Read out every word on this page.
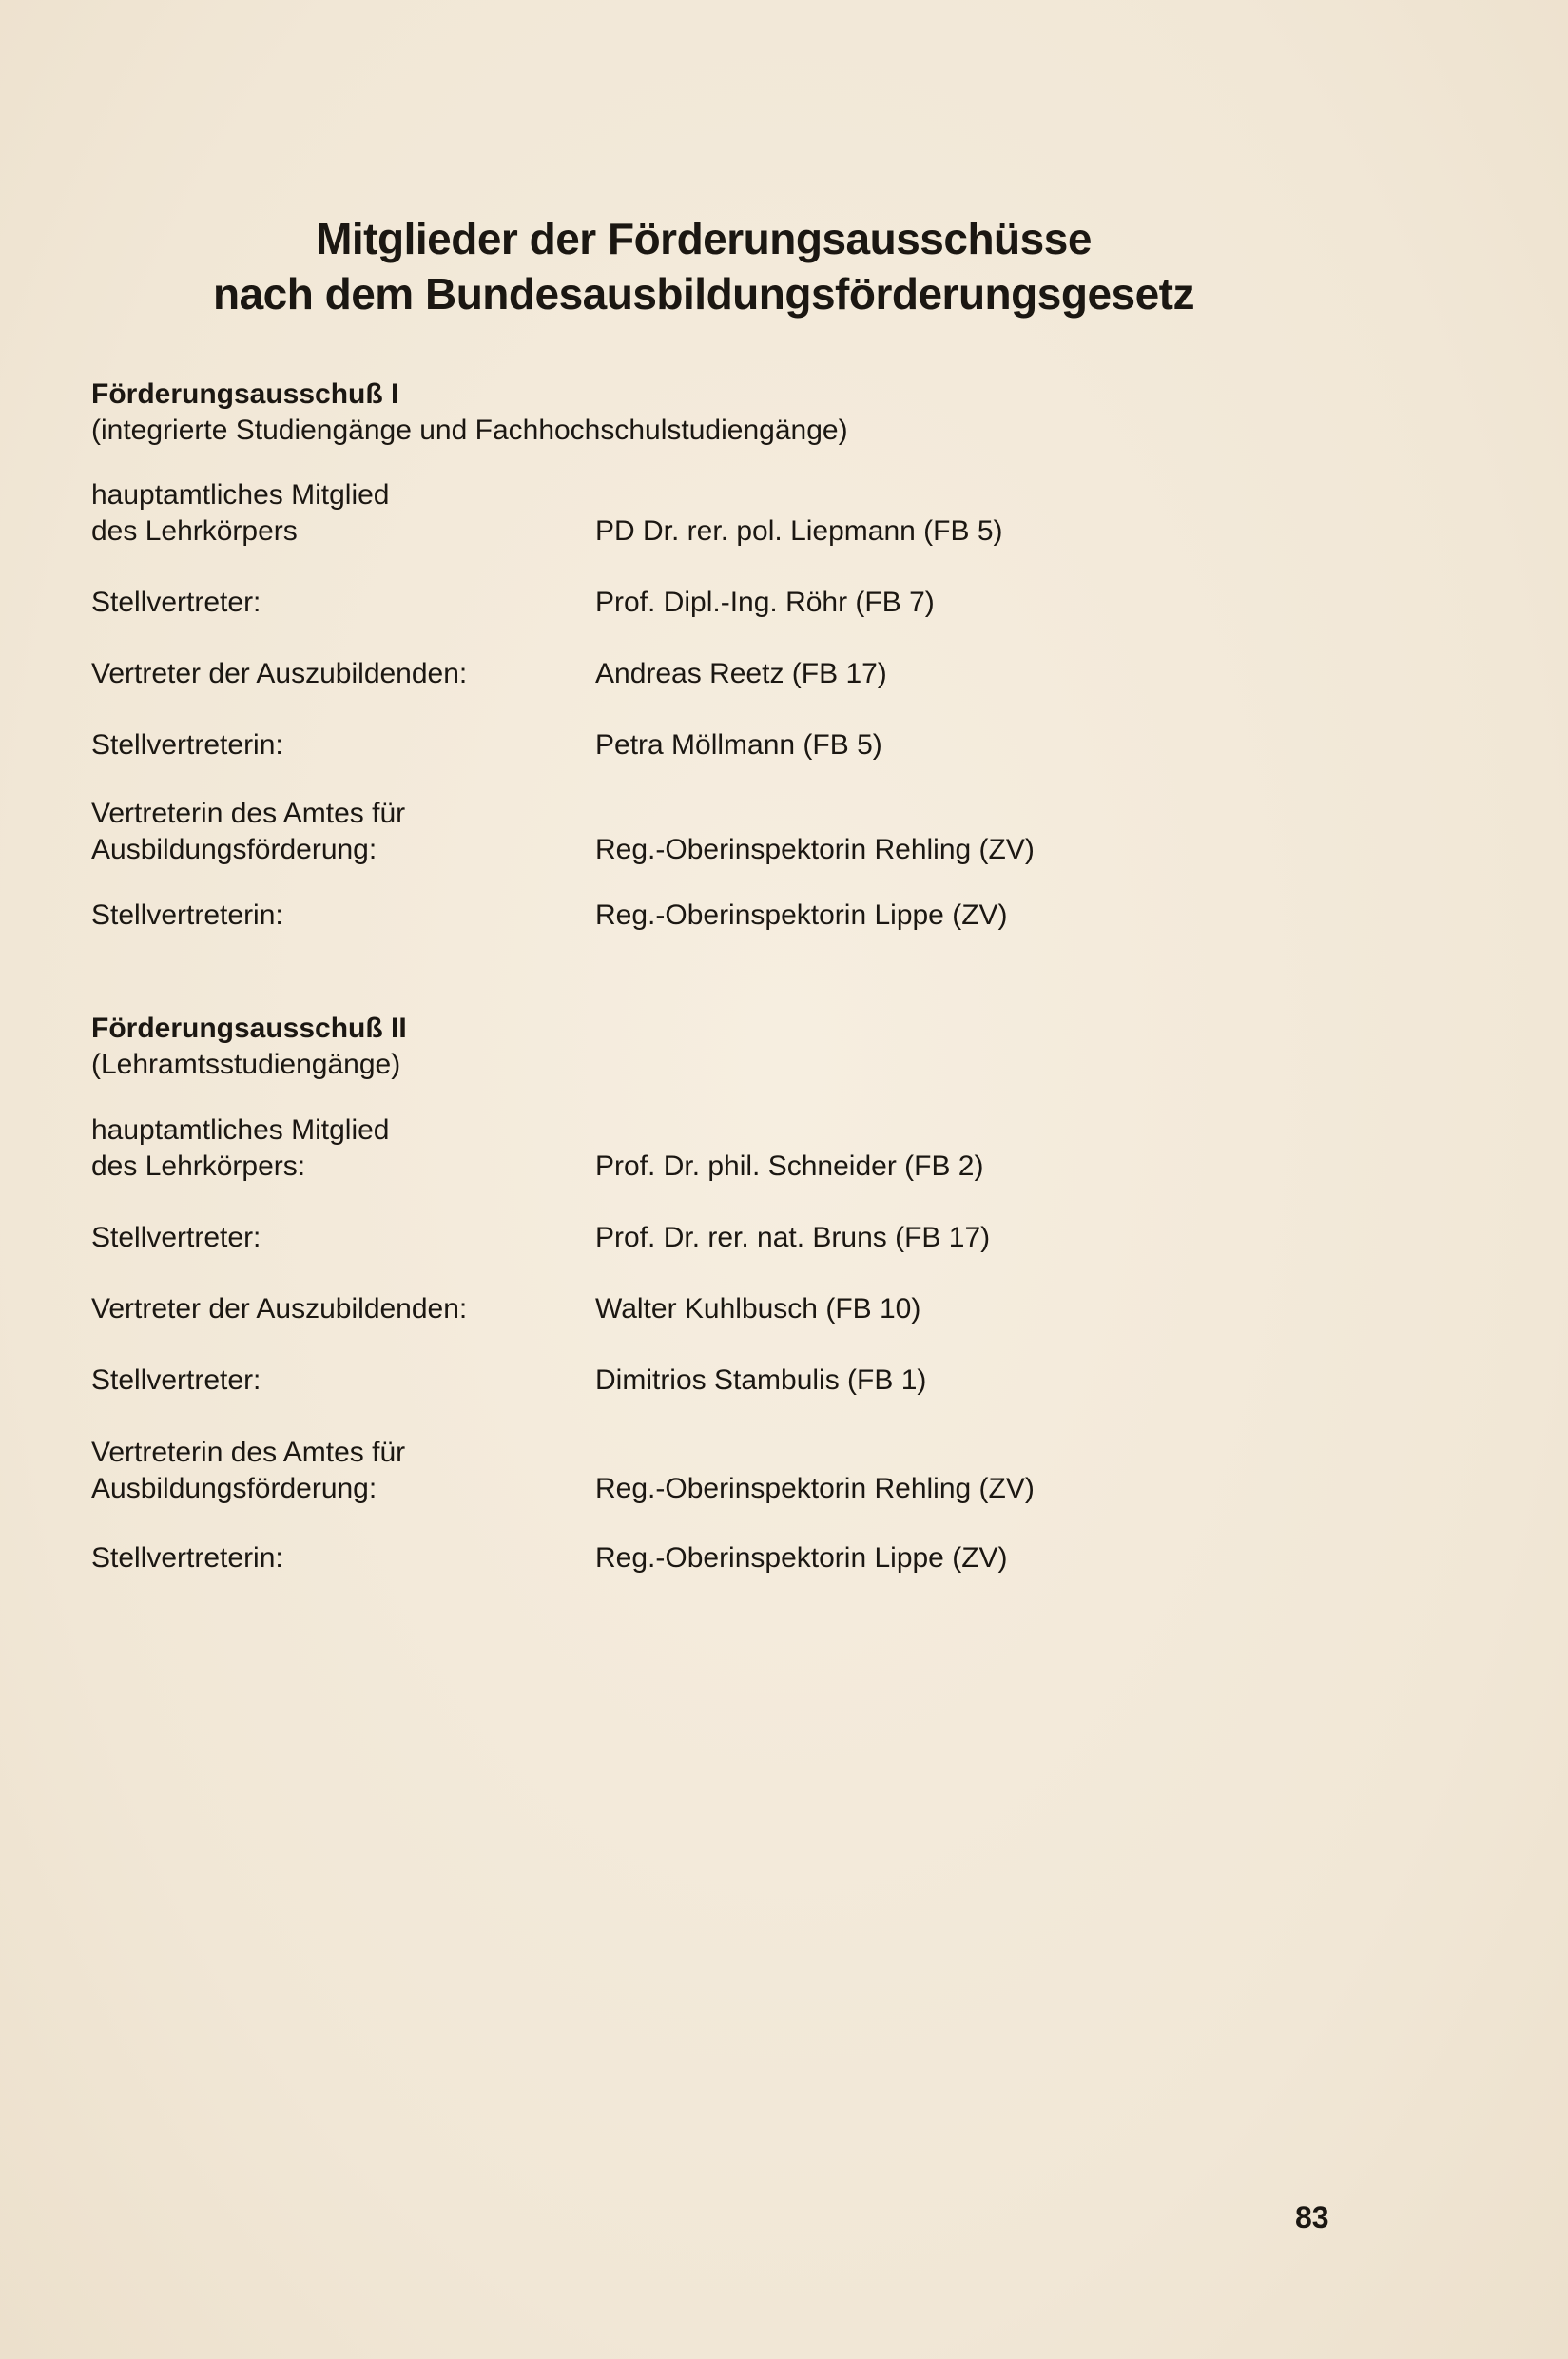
Mitglieder der Förderungsausschüsse
nach dem Bundesausbildungsförderungsgesetz
Förderungsausschuß I
(integrierte Studiengänge und Fachhochschulstudiengänge)
hauptamtliches Mitglied
des Lehrkörpers	PD Dr. rer. pol. Liepmann (FB 5)
Stellvertreter:	Prof. Dipl.-Ing. Röhr (FB 7)
Vertreter der Auszubildenden:	Andreas Reetz (FB 17)
Stellvertreterin:	Petra Möllmann (FB 5)
Vertreterin des Amtes für
Ausbildungsförderung:	Reg.-Oberinspektorin Rehling (ZV)
Stellvertreterin:	Reg.-Oberinspektorin Lippe (ZV)
Förderungsausschuß II
(Lehramtsstudiengänge)
hauptamtliches Mitglied
des Lehrkörpers:	Prof. Dr. phil. Schneider (FB 2)
Stellvertreter:	Prof. Dr. rer. nat. Bruns (FB 17)
Vertreter der Auszubildenden:	Walter Kuhlbusch (FB 10)
Stellvertreter:	Dimitrios Stambulis (FB 1)
Vertreterin des Amtes für
Ausbildungsförderung:	Reg.-Oberinspektorin Rehling (ZV)
Stellvertreterin:	Reg.-Oberinspektorin Lippe (ZV)
83
